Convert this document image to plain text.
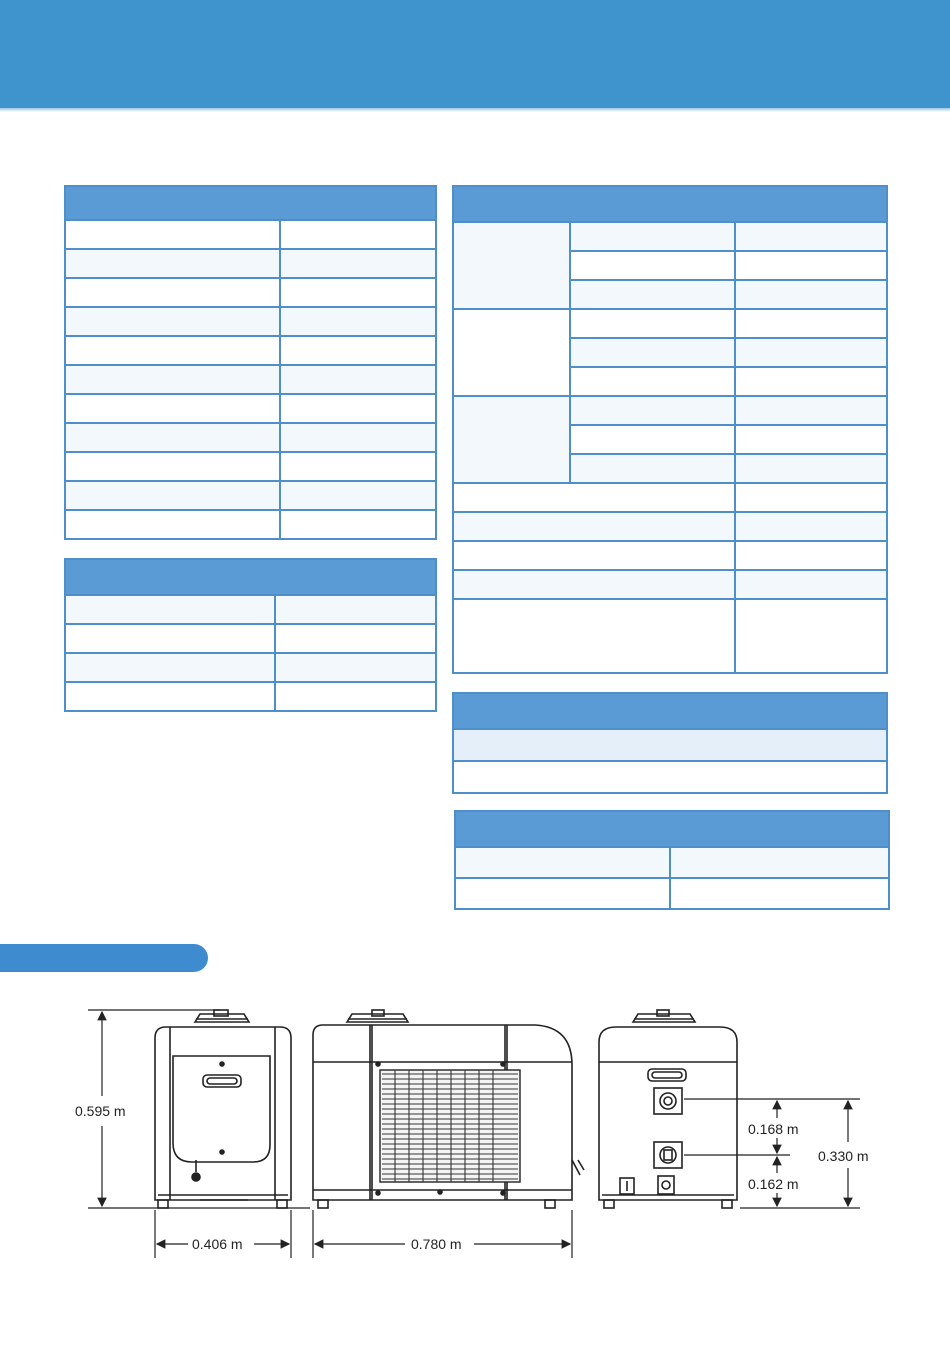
0.595 m
0.406 m	0.780 m
0.168 m
0.162 m
0.330 m
